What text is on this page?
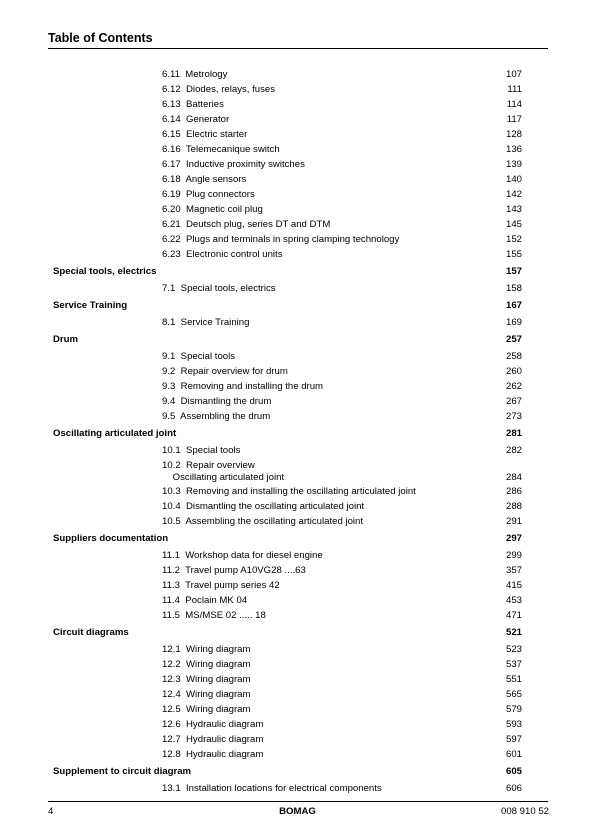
Table of Contents
6.11  Metrology	107
6.12  Diodes, relays, fuses	111
6.13  Batteries	114
6.14  Generator	117
6.15  Electric starter	128
6.16  Telemecanique switch	136
6.17  Inductive proximity switches	139
6.18  Angle sensors	140
6.19  Plug connectors	142
6.20  Magnetic coil plug	143
6.21  Deutsch plug, series DT and DTM	145
6.22  Plugs and terminals in spring clamping technology	152
6.23  Electronic control units	155
Special tools, electrics	157
7.1  Special tools, electrics	158
Service Training	167
8.1  Service Training	169
Drum	257
9.1  Special tools	258
9.2  Repair overview for drum	260
9.3  Removing and installing the drum	262
9.4  Dismantling the drum	267
9.5  Assembling the drum	273
Oscillating articulated joint	281
10.1  Special tools	282
10.2  Repair overview
Oscillating articulated joint	284
10.3  Removing and installing the oscillating articulated joint	286
10.4  Dismantling the oscillating articulated joint	288
10.5  Assembling the oscillating articulated joint	291
Suppliers documentation	297
11.1  Workshop data for diesel engine	299
11.2  Travel pump A10VG28 ....63	357
11.3  Travel pump series 42	415
11.4  Poclain MK 04	453
11.5  MS/MSE 02 ..... 18	471
Circuit diagrams	521
12.1  Wiring diagram	523
12.2  Wiring diagram	537
12.3  Wiring diagram	551
12.4  Wiring diagram	565
12.5  Wiring diagram	579
12.6  Hydraulic diagram	593
12.7  Hydraulic diagram	597
12.8  Hydraulic diagram	601
Supplement to circuit diagram	605
13.1  Installation locations for electrical components	606
4	BOMAG	008 910 52
